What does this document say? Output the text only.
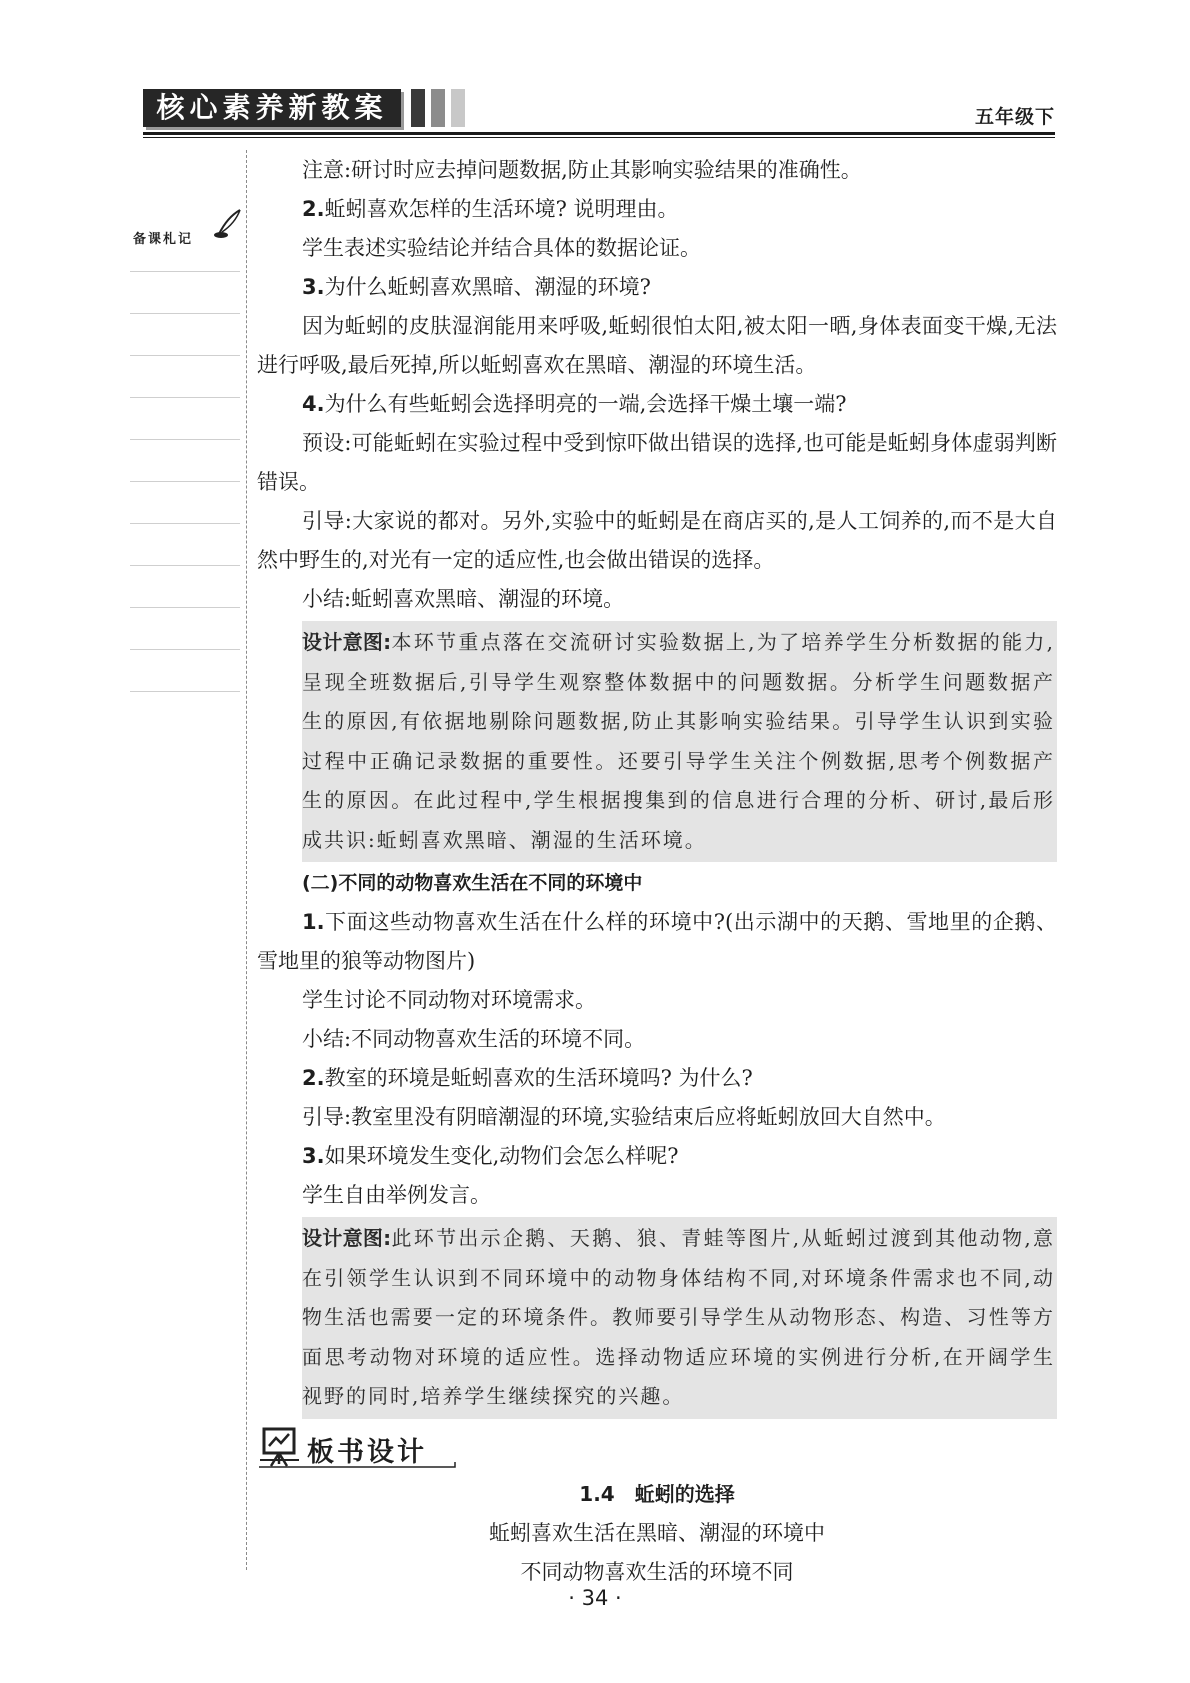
核心素养新教案	五年级下
备课札记

注意:研讨时应去掉问题数据,防止其影响实验结果的准确性。

2.蚯蚓喜欢怎样的生活环境? 说明理由。

学生表述实验结论并结合具体的数据论证。

3.为什么蚯蚓喜欢黑暗、潮湿的环境?

因为蚯蚓的皮肤湿润能用来呼吸,蚯蚓很怕太阳,被太阳一晒,身体表面变干燥,无法进行呼吸,最后死掉,所以蚯蚓喜欢在黑暗、潮湿的环境生活。

4.为什么有些蚯蚓会选择明亮的一端,会选择干燥土壤一端?

预设:可能蚯蚓在实验过程中受到惊吓做出错误的选择,也可能是蚯蚓身体虚弱判断错误。

引导:大家说的都对。另外,实验中的蚯蚓是在商店买的,是人工饲养的,而不是大自然中野生的,对光有一定的适应性,也会做出错误的选择。

小结:蚯蚓喜欢黑暗、潮湿的环境。

设计意图:本环节重点落在交流研讨实验数据上,为了培养学生分析数据的能力,呈现全班数据后,引导学生观察整体数据中的问题数据。分析学生问题数据产生的原因,有依据地剔除问题数据,防止其影响实验结果。引导学生认识到实验过程中正确记录数据的重要性。还要引导学生关注个例数据,思考个例数据产生的原因。在此过程中,学生根据搜集到的信息进行合理的分析、研讨,最后形成共识:蚯蚓喜欢黑暗、潮湿的生活环境。

(二)不同的动物喜欢生活在不同的环境中

1.下面这些动物喜欢生活在什么样的环境中?(出示湖中的天鹅、雪地里的企鹅、雪地里的狼等动物图片)

学生讨论不同动物对环境需求。

小结:不同动物喜欢生活的环境不同。

2.教室的环境是蚯蚓喜欢的生活环境吗? 为什么?

引导:教室里没有阴暗潮湿的环境,实验结束后应将蚯蚓放回大自然中。

3.如果环境发生变化,动物们会怎么样呢?

学生自由举例发言。

设计意图:此环节出示企鹅、天鹅、狼、青蛙等图片,从蚯蚓过渡到其他动物,意在引领学生认识到不同环境中的动物身体结构不同,对环境条件需求也不同,动物生活也需要一定的环境条件。教师要引导学生从动物形态、构造、习性等方面思考动物对环境的适应性。选择动物适应环境的实例进行分析,在开阔学生视野的同时,培养学生继续探究的兴趣。

板书设计
1.4　蚯蚓的选择
蚯蚓喜欢生活在黑暗、潮湿的环境中
不同动物喜欢生活的环境不同
· 34 ·
